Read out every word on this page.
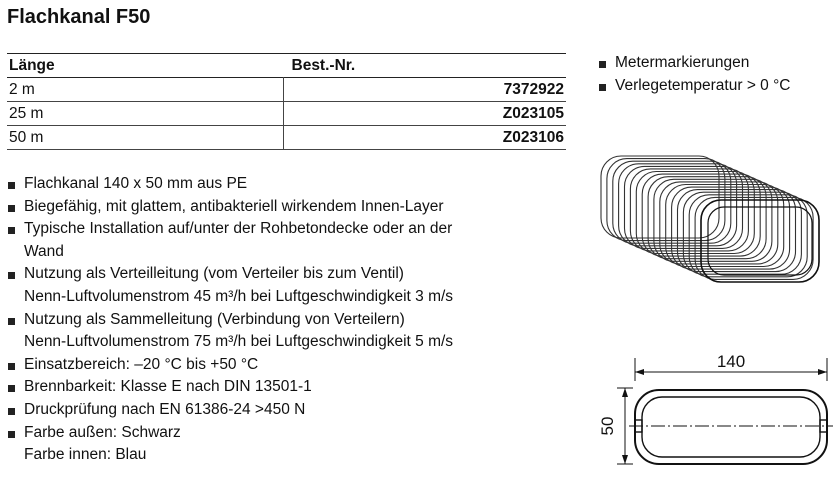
Flachkanal F50
Länge	Best.-Nr.
2 m	7372922
25 m	Z023105
50 m	Z023106
Metermarkierungen
Verlegetemperatur > 0 °C
Flachkanal 140 x 50 mm aus PE
Biegefähig, mit glattem, antibakteriell wirkendem Innen-Layer
Typische Installation auf/unter der Rohbetondecke oder an der
Wand
Nutzung als Verteilleitung (vom Verteiler bis zum Ventil)
Nenn-Luftvolumenstrom 45 m³/h bei Luftgeschwindigkeit 3 m/s
Nutzung als Sammelleitung (Verbindung von Verteilern)
Nenn-Luftvolumenstrom 75 m³/h bei Luftgeschwindigkeit 5 m/s
Einsatzbereich: –20 °C bis +50 °C
Brennbarkeit: Klasse E nach DIN 13501-1
Druckprüfung nach EN 61386-24 >450 N
Farbe außen: Schwarz
Farbe innen: Blau
140
50
